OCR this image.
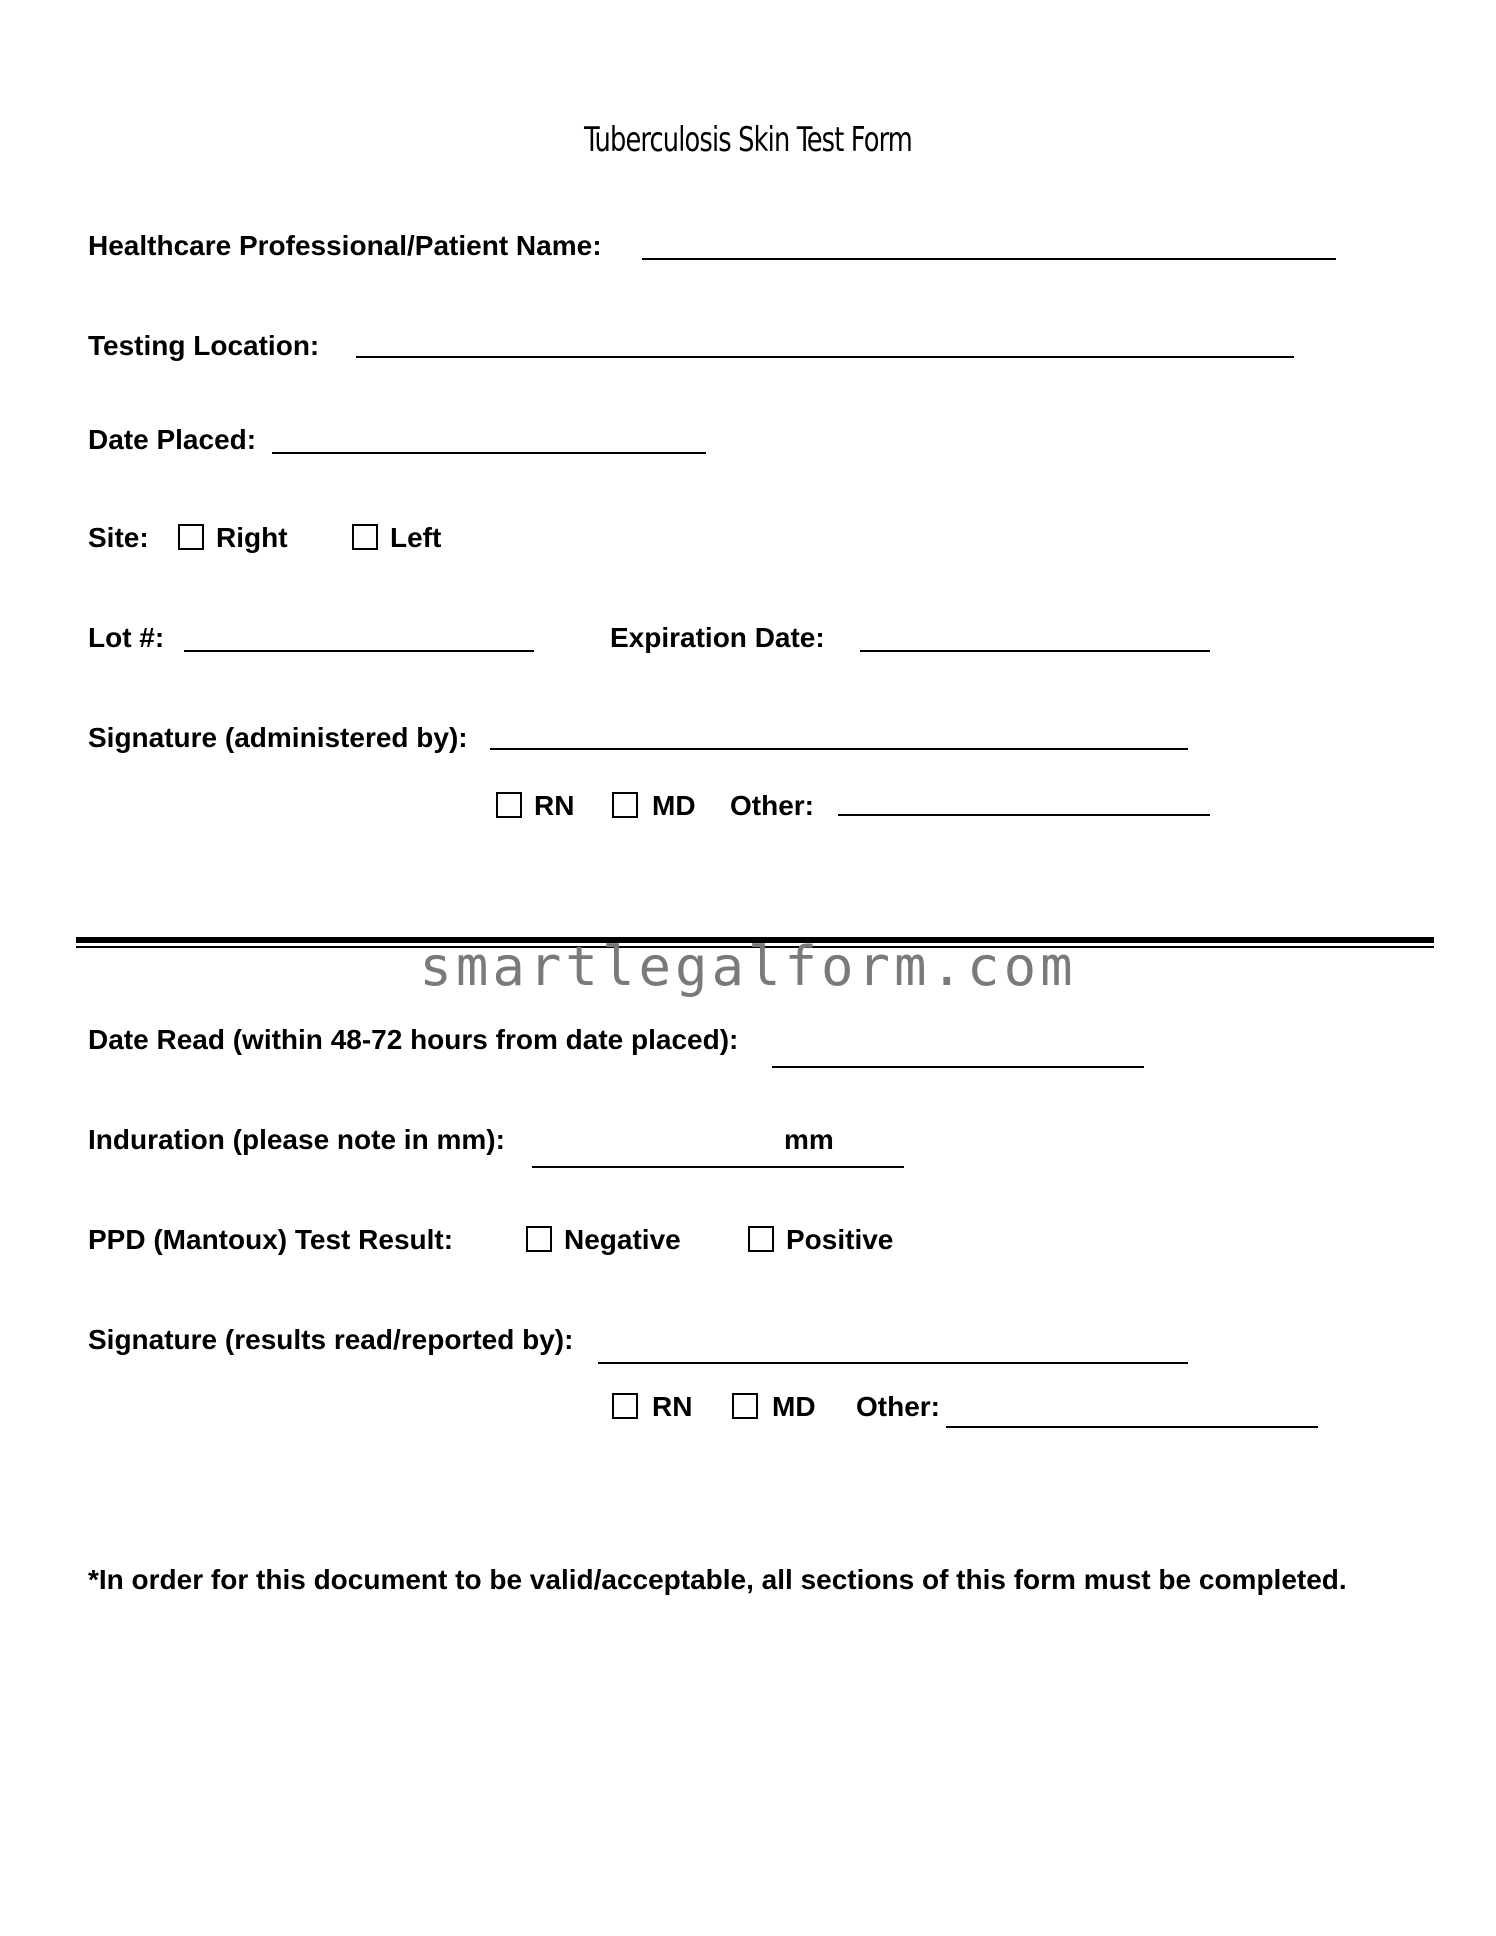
Tuberculosis Skin Test Form
Healthcare Professional/Patient Name:
Testing Location:
Date Placed:
Site: Right	Left
Lot #:	Expiration Date:
Signature (administered by):
RN	MD Other:
smartlegalform.com
Date Read (within 48-72 hours from date placed):
Induration (please note in mm):	mm
PPD (Mantoux) Test Result:	Negative	Positive
Signature (results read/reported by):
RN	MD Other:
*In order for this document to be valid/acceptable, all sections of this form must be completed.
